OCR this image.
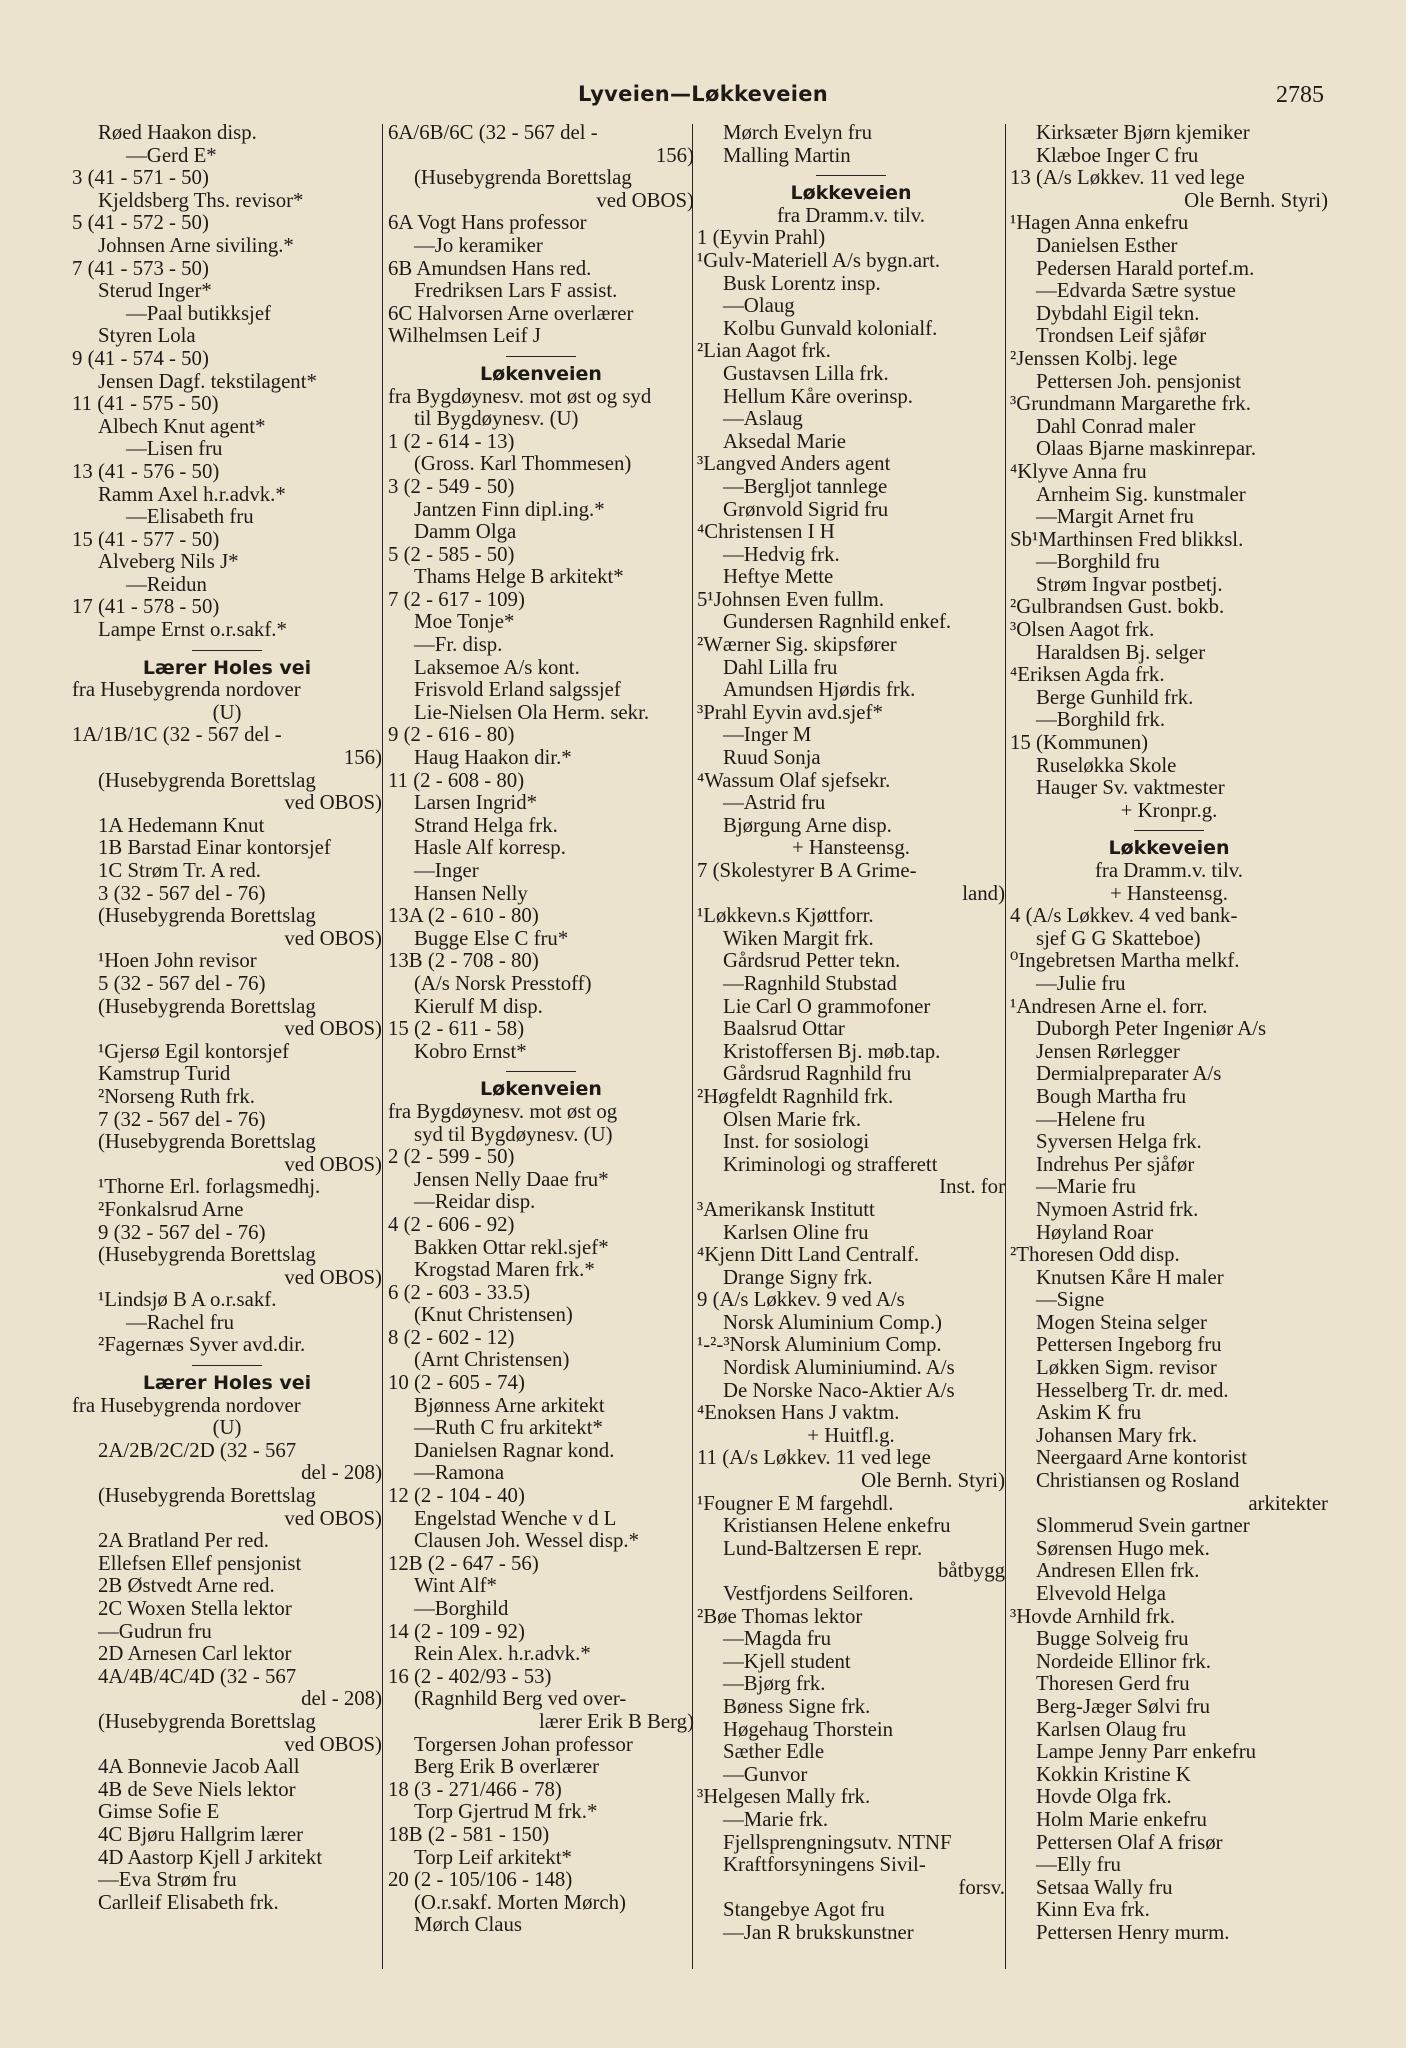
Lyveien—Løkkeveien	2785
Røed Haakon disp.
—Gerd E*
3 (41 - 571 - 50)
Kjeldsberg Ths. revisor*
5 (41 - 572 - 50)
Johnsen Arne siviling.*
7 (41 - 573 - 50)
Sterud Inger*
—Paal butikksjef
Styren Lola
9 (41 - 574 - 50)
Jensen Dagf. tekstilagent*
11 (41 - 575 - 50)
Albech Knut agent*
—Lisen fru
13 (41 - 576 - 50)
Ramm Axel h.r.advk.*
—Elisabeth fru
15 (41 - 577 - 50)
Alveberg Nils J*
—Reidun
17 (41 - 578 - 50)
Lampe Ernst o.r.sakf.*
Lærer Holes vei
fra Husebygrenda nordover
(U)
1A/1B/1C (32 - 567 del -
156)
(Husebygrenda Borettslag
ved OBOS)
1A Hedemann Knut
1B Barstad Einar kontorsjef
1C Strøm Tr. A red.
3 (32 - 567 del - 76)
(Husebygrenda Borettslag
ved OBOS)
¹Hoen John revisor
5 (32 - 567 del - 76)
(Husebygrenda Borettslag
ved OBOS)
¹Gjersø Egil kontorsjef
Kamstrup Turid
²Norseng Ruth frk.
7 (32 - 567 del - 76)
(Husebygrenda Borettslag
ved OBOS)
¹Thorne Erl. forlagsmedhj.
²Fonkalsrud Arne
9 (32 - 567 del - 76)
(Husebygrenda Borettslag
ved OBOS)
¹Lindsjø B A o.r.sakf.
—Rachel fru
²Fagernæs Syver avd.dir.
Lærer Holes vei
fra Husebygrenda nordover
(U)
2A/2B/2C/2D (32 - 567
del - 208)
(Husebygrenda Borettslag
ved OBOS)
2A Bratland Per red.
Ellefsen Ellef pensjonist
2B Østvedt Arne red.
2C Woxen Stella lektor
—Gudrun fru
2D Arnesen Carl lektor
4A/4B/4C/4D (32 - 567
del - 208)
(Husebygrenda Borettslag
ved OBOS)
4A Bonnevie Jacob Aall
4B de Seve Niels lektor
Gimse Sofie E
4C Bjøru Hallgrim lærer
4D Aastorp Kjell J arkitekt
—Eva Strøm fru
Carlleif Elisabeth frk.
6A/6B/6C (32 - 567 del -
156)
(Husebygrenda Borettslag
ved OBOS)
6A Vogt Hans professor
—Jo keramiker
6B Amundsen Hans red.
Fredriksen Lars F assist.
6C Halvorsen Arne overlærer
Wilhelmsen Leif J
Løkenveien
fra Bygdøynesv. mot øst og syd
til Bygdøynesv. (U)
1 (2 - 614 - 13)
(Gross. Karl Thommesen)
3 (2 - 549 - 50)
Jantzen Finn dipl.ing.*
Damm Olga
5 (2 - 585 - 50)
Thams Helge B arkitekt*
7 (2 - 617 - 109)
Moe Tonje*
—Fr. disp.
Laksemoe A/s kont.
Frisvold Erland salgssjef
Lie-Nielsen Ola Herm. sekr.
9 (2 - 616 - 80)
Haug Haakon dir.*
11 (2 - 608 - 80)
Larsen Ingrid*
Strand Helga frk.
Hasle Alf korresp.
—Inger
Hansen Nelly
13A (2 - 610 - 80)
Bugge Else C fru*
13B (2 - 708 - 80)
(A/s Norsk Presstoff)
Kierulf M disp.
15 (2 - 611 - 58)
Kobro Ernst*
Løkenveien
fra Bygdøynesv. mot øst og
syd til Bygdøynesv. (U)
2 (2 - 599 - 50)
Jensen Nelly Daae fru*
—Reidar disp.
4 (2 - 606 - 92)
Bakken Ottar rekl.sjef*
Krogstad Maren frk.*
6 (2 - 603 - 33.5)
(Knut Christensen)
8 (2 - 602 - 12)
(Arnt Christensen)
10 (2 - 605 - 74)
Bjønness Arne arkitekt
—Ruth C fru arkitekt*
Danielsen Ragnar kond.
—Ramona
12 (2 - 104 - 40)
Engelstad Wenche v d L
Clausen Joh. Wessel disp.*
12B (2 - 647 - 56)
Wint Alf*
—Borghild
14 (2 - 109 - 92)
Rein Alex. h.r.advk.*
16 (2 - 402/93 - 53)
(Ragnhild Berg ved over-
lærer Erik B Berg)
Torgersen Johan professor
Berg Erik B overlærer
18 (3 - 271/466 - 78)
Torp Gjertrud M frk.*
18B (2 - 581 - 150)
Torp Leif arkitekt*
20 (2 - 105/106 - 148)
(O.r.sakf. Morten Mørch)
Mørch Claus
Mørch Evelyn fru
Malling Martin
Løkkeveien
fra Dramm.v. tilv.
1 (Eyvin Prahl)
¹Gulv-Materiell A/s bygn.art.
Busk Lorentz insp.
—Olaug
Kolbu Gunvald kolonialf.
²Lian Aagot frk.
Gustavsen Lilla frk.
Hellum Kåre overinsp.
—Aslaug
Aksedal Marie
³Langved Anders agent
—Bergljot tannlege
Grønvold Sigrid fru
⁴Christensen I H
—Hedvig frk.
Heftye Mette
5¹Johnsen Even fullm.
Gundersen Ragnhild enkef.
²Wærner Sig. skipsfører
Dahl Lilla fru
Amundsen Hjørdis frk.
³Prahl Eyvin avd.sjef*
—Inger M
Ruud Sonja
⁴Wassum Olaf sjefsekr.
—Astrid fru
Bjørgung Arne disp.
+ Hansteensg.
7 (Skolestyrer B A Grime-
land)
¹Løkkevn.s Kjøttforr.
Wiken Margit frk.
Gårdsrud Petter tekn.
—Ragnhild Stubstad
Lie Carl O grammofoner
Baalsrud Ottar
Kristoffersen Bj. møb.tap.
Gårdsrud Ragnhild fru
²Høgfeldt Ragnhild frk.
Olsen Marie frk.
Inst. for sosiologi
Kriminologi og strafferett
Inst. for
³Amerikansk Institutt
Karlsen Oline fru
⁴Kjenn Ditt Land Centralf.
Drange Signy frk.
9 (A/s Løkkev. 9 ved A/s
Norsk Aluminium Comp.)
¹-²-³Norsk Aluminium Comp.
Nordisk Aluminiumind. A/s
De Norske Naco-Aktier A/s
⁴Enoksen Hans J vaktm.
+ Huitfl.g.
11 (A/s Løkkev. 11 ved lege
Ole Bernh. Styri)
¹Fougner E M fargehdl.
Kristiansen Helene enkefru
Lund-Baltzersen E repr.
båtbygg
Vestfjordens Seilforen.
²Bøe Thomas lektor
—Magda fru
—Kjell student
—Bjørg frk.
Bøness Signe frk.
Høgehaug Thorstein
Sæther Edle
—Gunvor
³Helgesen Mally frk.
—Marie frk.
Fjellsprengningsutv. NTNF
Kraftforsyningens Sivil-
forsv.
Stangebye Agot fru
—Jan R brukskunstner
Kirksæter Bjørn kjemiker
Klæboe Inger C fru
13 (A/s Løkkev. 11 ved lege
Ole Bernh. Styri)
¹Hagen Anna enkefru
Danielsen Esther
Pedersen Harald portef.m.
—Edvarda Sætre systue
Dybdahl Eigil tekn.
Trondsen Leif sjåfør
²Jenssen Kolbj. lege
Pettersen Joh. pensjonist
³Grundmann Margarethe frk.
Dahl Conrad maler
Olaas Bjarne maskinrepar.
⁴Klyve Anna fru
Arnheim Sig. kunstmaler
—Margit Arnet fru
Sb¹Marthinsen Fred blikksl.
—Borghild fru
Strøm Ingvar postbetj.
²Gulbrandsen Gust. bokb.
³Olsen Aagot frk.
Haraldsen Bj. selger
⁴Eriksen Agda frk.
Berge Gunhild frk.
—Borghild frk.
15 (Kommunen)
Ruseløkka Skole
Hauger Sv. vaktmester
+ Kronpr.g.
Løkkeveien
fra Dramm.v. tilv.
+ Hansteensg.
4 (A/s Løkkev. 4 ved bank-
sjef G G Skatteboe)
⁰Ingebretsen Martha melkf.
—Julie fru
¹Andresen Arne el. forr.
Duborgh Peter Ingeniør A/s
Jensen Rørlegger
Dermialpreparater A/s
Bough Martha fru
—Helene fru
Syversen Helga frk.
Indrehus Per sjåfør
—Marie fru
Nymoen Astrid frk.
Høyland Roar
²Thoresen Odd disp.
Knutsen Kåre H maler
—Signe
Mogen Steina selger
Pettersen Ingeborg fru
Løkken Sigm. revisor
Hesselberg Tr. dr. med.
Askim K fru
Johansen Mary frk.
Neergaard Arne kontorist
Christiansen og Rosland
arkitekter
Slommerud Svein gartner
Sørensen Hugo mek.
Andresen Ellen frk.
Elvevold Helga
³Hovde Arnhild frk.
Bugge Solveig fru
Nordeide Ellinor frk.
Thoresen Gerd fru
Berg-Jæger Sølvi fru
Karlsen Olaug fru
Lampe Jenny Parr enkefru
Kokkin Kristine K
Hovde Olga frk.
Holm Marie enkefru
Pettersen Olaf A frisør
—Elly fru
Setsaa Wally fru
Kinn Eva frk.
Pettersen Henry murm.
